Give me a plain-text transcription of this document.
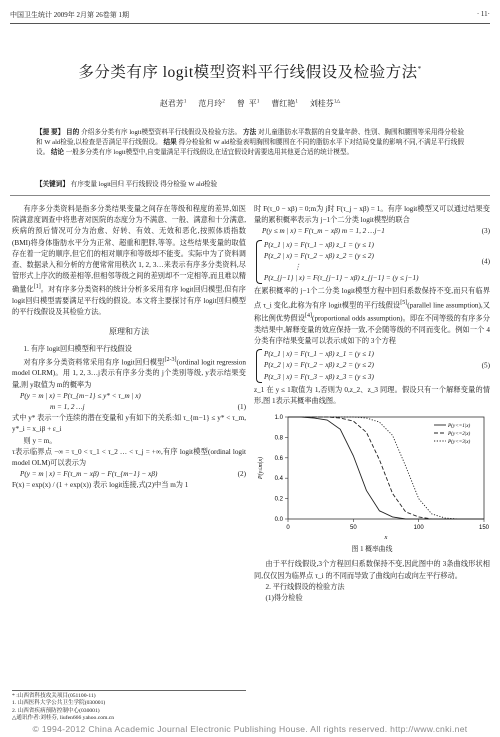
中国卫生统计 2009年 2月第 26卷第 1期	· 11·
多分类有序 logit模型资料平行线假设及检验方法*
赵君芳$^1$ 范月玲$^2$ 曾 平$^1$ 曹红艳$^1$ 刘桂芬$^{1\triangle}$
【提 要】 目的 介绍多分类有序 logit模型资料平行线假设及检验方法。 方法 对儿童脂肪水平数据的自变量年龄、性别、胸围和腰围等采用得分检验和 W ald检验,以检查是否满足平行线假设。 结果 得分检验和 W ald检验表明胸围和腰围在不同的脂肪水平下对结局变量的影响不同,不满足平行线假设。 结论 一般多分类有序 logit模型中,自变量满足平行线假设,在适宜假设时需要选用其他更合适的统计模型。
【关键词】 有序变量 logit回归 平行线假设 得分检验 W ald检验

有序多分类资料是指多分类结果变量之间存在等级和程度的差异,如医院满意度调查中将患者对医院的态度分为不满意、一般、满意和十分满意,疾病的预后情况可分为治愈、好转、有效、无效和恶化,按照体质指数(BMI)将身体脂肪水平分为正常、超重和肥胖,等等。这些结果变量的取值存在着一定的顺序,但它们的相对顺序和等级却不能变。实际中为了资料调查、数据录入和分析的方便常常用秩次 1, 2, 3…来表示有序多分类资料,尽管形式上序次的级差相等,但相邻等级之间的差别却不一定相等,而且难以精确量化[1]。对有序多分类资料的统计分析多采用有序 logit回归模型,但有序 logit回归模型需要满足平行线的假设。本文将主要探讨有序 logit回归模型的平行线假设及其检验方法。

原理和方法

1. 有序 logit回归模型和平行线假设

对有序多分类资料常采用有序 logit回归模型[2-3](ordinal logit regression model OLRM)。用 1, 2, 3…j表示有序多分类的 j个类别等级, y表示结果变量,则 y取值为 m的概率为

P(y = m | x) = P(τ_{m−1} ≤ y* < τ_m | x)
m = 1, 2 …j	(1)

式中 y* 表示一个连续的潜在变量和 y有如下的关系:如 τ_{m−1} ≤ y* < τ_m, y*_i = x_iβ + ε_i

则 y = m。

τ表示临界点 −∞ = τ_0 < τ_1 < τ_2 … < τ_j = +∞,有序 logit模型(ordinal logit model OLM)可以表示为

P(y = m | x) = F(τ_m − xβ) − F(τ_{m−1} − xβ)	(2)

F(x) = exp(x) / (1 + exp(x)) 表示 logit连接,式(2)中当 m为 1

时 F(τ_0 − xβ) = 0;m为 j时 F(τ_j − xβ) = 1。有序 logit模型又可以通过结果变量的累积概率表示为 j−1个二分类 logit模型的联合

P(y ≤ m | x) = F(τ_m − xβ) m = 1, 2 …j−1	(3)
P(z_1 | x) = F(τ_1 − xβ) z_1 = (y ≤ 1)
P(z_2 | x) = F(τ_2 − xβ) z_2 = (y ≤ 2)
⋮
P(z_{j−1} | x) = F(τ_{j−1} − xβ) z_{j−1} = (y ≤ j−1)
(4)

在累积概率的 j−1个二分类 logit模型方程中回归系数保持不变,而只有临界点 τ_i 变化,此称为有序 logit模型的平行线假设[5](parallel line assumption),又称比例优势假设[4](proportional odds assumption)。即在不同等级的有序多分类结果中,解释变量的效应保持一致,不会随等级的不同而变化。例如一个 4分类有序结果变量可以表示成如下的 3个方程

P(z_1 | x) = F(τ_1 − xβ) z_1 = (y ≤ 1)
P(z_2 | x) = F(τ_2 − xβ) z_2 = (y ≤ 2)
P(z_3 | x) = F(τ_3 − xβ) z_3 = (y ≤ 3)
(5)

z_1 在 y ≤ 1取值为 1,否则为 0,z_2、z_3 同理。假设只有一个解释变量的情形,图 1表示其概率曲线图。

0	50	100	150
0.0
0.2
0.4
0.6
0.8
1.0
x
P(y≤m|x)
P(y<=1|x)
P(y<=2|x)
P(y<=3|x)
图 1 概率曲线

由于平行线假设,3个方程回归系数保持不变,因此图中的 3条曲线形状相同,仅仅因为临界点 τ_i 的不同而导致了曲线向右或向左平行移动。

2. 平行线假设的检验方法

(1)得分检验

* :山西省科技攻关项目(051100-11)
1. 山西医科大学公共卫生学院(030001)
2. 山西省疾病预防控制中心(030001)
△通讯作者:刘桂芬, liufen666 yahoo.com.cn
© 1994-2012 China Academic Journal Electronic Publishing House. All rights reserved. http://www.cnki.net
